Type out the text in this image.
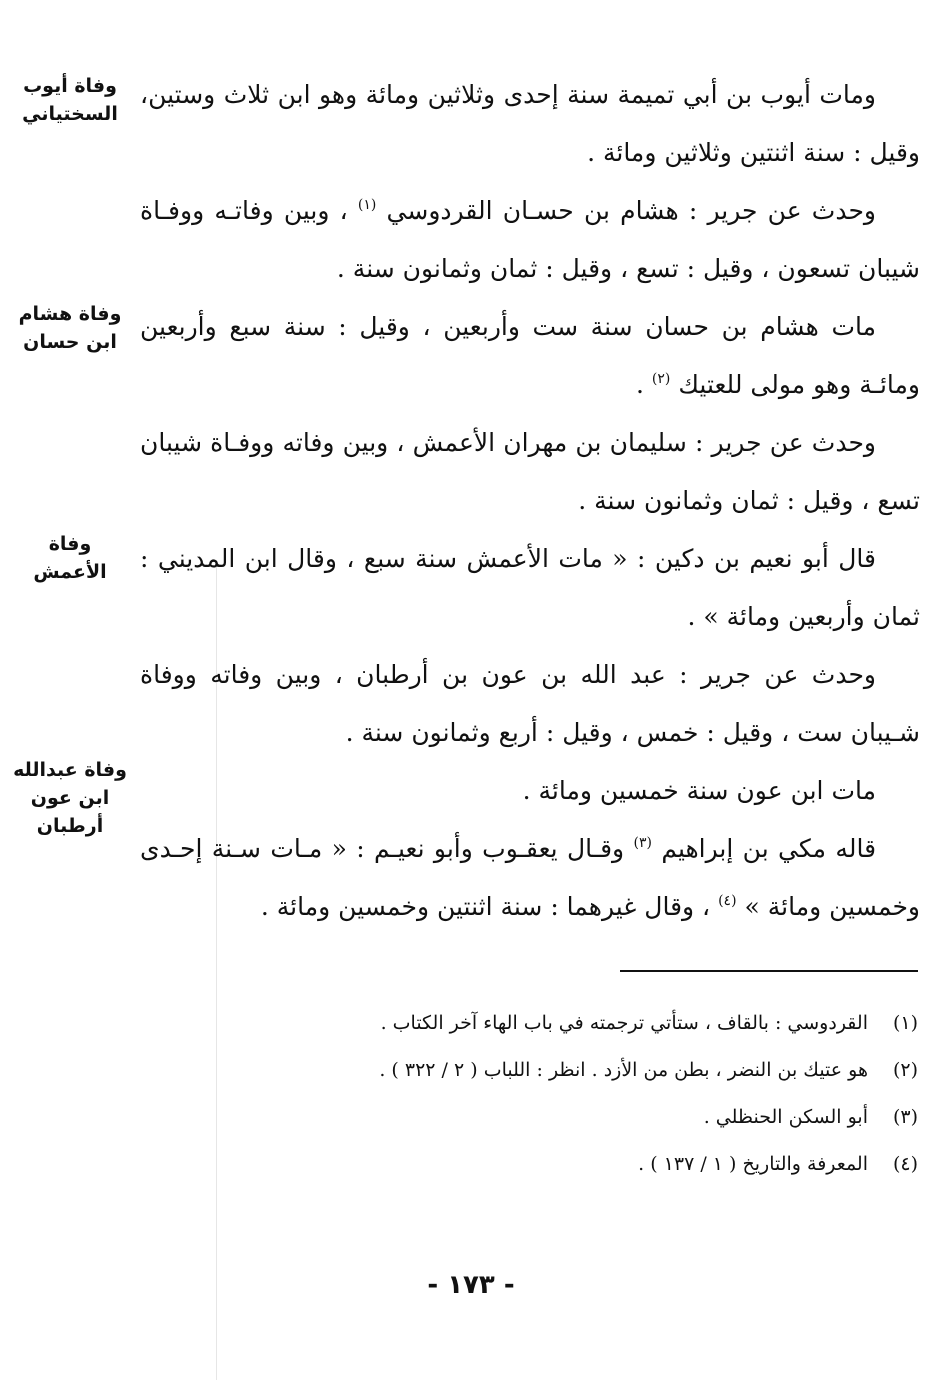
وفاة أيوب
السختياني
وفاة هشام
ابن حسان
وفاة
الأعمش
وفاة عبدالله
ابن عون
أرطبان

ومات أيوب بن أبي تميمة سنة إحدى وثلاثين ومائة وهو ابن ثلاث وستين، وقيل : سنة اثنتين وثلاثين ومائة .

وحدث عن جرير : هشام بن حسـان القردوسي $^{(١)}$ ، وبين وفاتـه ووفـاة شيبان تسعون ، وقيل : تسع ، وقيل : ثمان وثمانون سنة .

مات هشام بن حسان سنة ست وأربعين ، وقيل : سنة سبع وأربعين ومائـة وهو مولى للعتيك $^{(٢)}$ .

وحدث عن جرير : سليمان بن مهران الأعمش ، وبين وفاته ووفـاة شيبان تسع ، وقيل : ثمان وثمانون سنة .

قال أبو نعيم بن دكين : « مات الأعمش سنة سبع ، وقال ابن المديني : ثمان وأربعين ومائة » .

وحدث عن جرير : عبد الله بن عون بن أرطبان ، وبين وفاته ووفاة شـيبان ست ، وقيل : خمس ، وقيل : أربع وثمانون سنة .

مات ابن عون سنة خمسين ومائة .

قاله مكي بن إبراهيم $^{(٣)}$ وقـال يعقـوب وأبو نعيـم : « مـات سـنة إحـدى وخمسين ومائة » $^{(٤)}$ ، وقال غيرهما : سنة اثنتين وخمسين ومائة .

(١)
القردوسي : بالقاف ، ستأتي ترجمته في باب الهاء آخر الكتاب .
(٢)
هو عتيك بن النضر ، بطن من الأزد . انظر : اللباب ( ٢ / ٣٢٢ ) .
(٣)
أبو السكن الحنظلي .
(٤)
المعرفة والتاريخ ( ١ / ١٣٧ ) .
- ١٧٣ -
